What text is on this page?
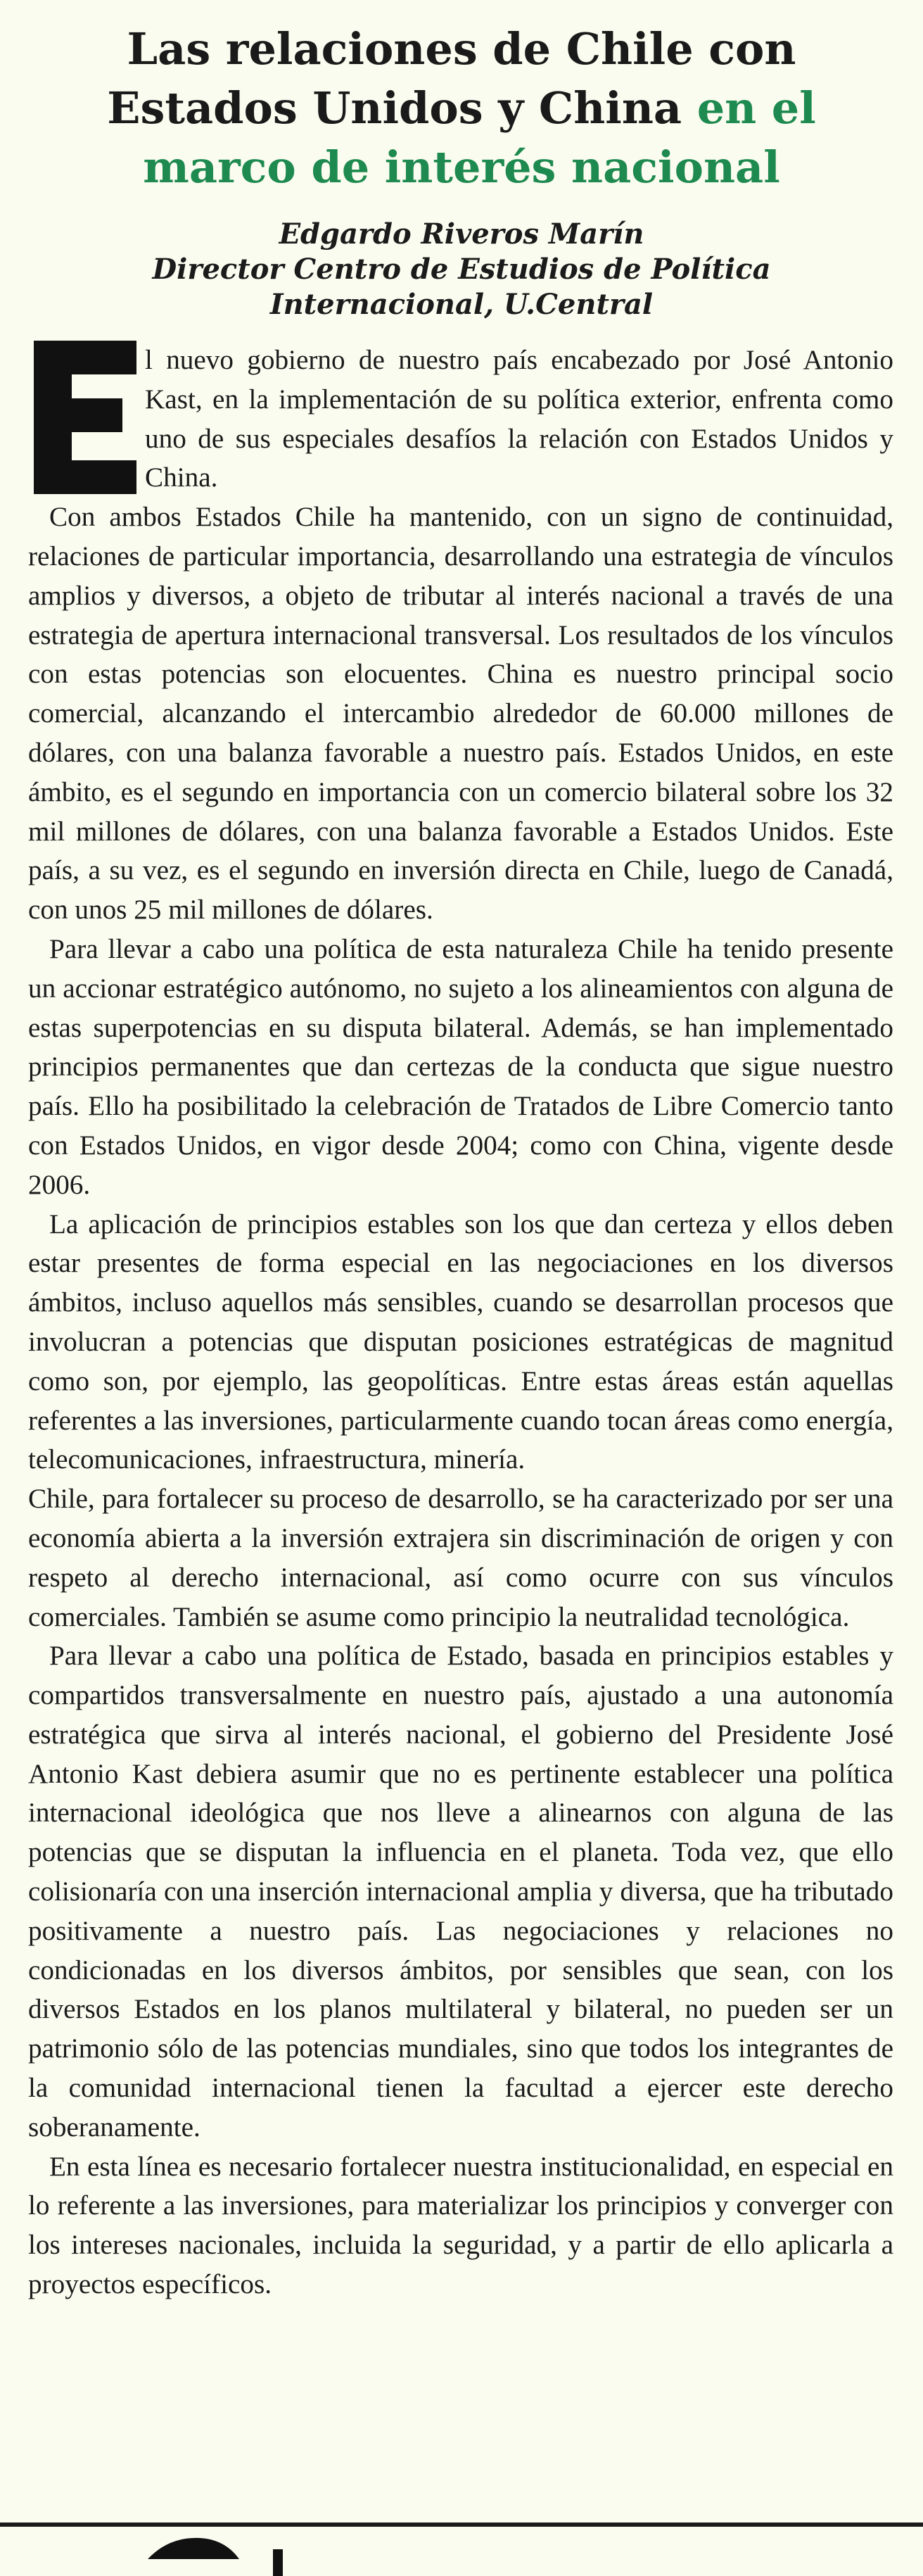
Las relaciones de Chile con
Estados Unidos y China en el
marco de interés nacional
Edgardo Riveros Marín
Director Centro de Estudios de Política
Internacional, U.Central

l nuevo gobierno de nuestro país encabezado por José Antonio Kast, en la implementación de su política exterior, enfrenta como uno de sus especiales desafíos la relación con Estados Unidos y China.

Con ambos Estados Chile ha mantenido, con un signo de continuidad, relaciones de particular importancia, desarrollando una estrategia de vínculos amplios y diversos, a objeto de tributar al interés nacional a través de una estrategia de apertura internacional transversal. Los resultados de los vínculos con estas potencias son elocuentes. China es nuestro principal socio comercial, alcanzando el intercambio alrededor de 60.000 millones de dólares, con una balanza favorable a nuestro país. Estados Unidos, en este ámbito, es el segundo en importancia con un comercio bilateral sobre los 32 mil millones de dólares, con una balanza favorable a Estados Unidos. Este país, a su vez, es el segundo en inversión directa en Chile, luego de Canadá, con unos 25 mil millones de dólares.

Para llevar a cabo una política de esta naturaleza Chile ha tenido presente un accionar estratégico autónomo, no sujeto a los alineamientos con alguna de estas superpotencias en su disputa bilateral. Además, se han implementado principios permanentes que dan certezas de la conducta que sigue nuestro país. Ello ha posibilitado la celebración de Tratados de Libre Comercio tanto con Estados Unidos, en vigor desde 2004; como con China, vigente desde 2006.

La aplicación de principios estables son los que dan certeza y ellos deben estar presentes de forma especial en las negociaciones en los diversos ámbitos, incluso aquellos más sensibles, cuando se desarrollan procesos que involucran a potencias que disputan posiciones estratégicas de magnitud como son, por ejemplo, las geopolíticas. Entre estas áreas están aquellas referentes a las inversiones, particularmente cuando tocan áreas como energía, telecomunicaciones, infraestructura, minería.

Chile, para fortalecer su proceso de desarrollo, se ha caracterizado por ser una economía abierta a la inversión extrajera sin discriminación de origen y con respeto al derecho internacional, así como ocurre con sus vínculos comerciales. También se asume como principio la neutralidad tecnológica.

Para llevar a cabo una política de Estado, basada en principios estables y compartidos transversalmente en nuestro país, ajustado a una autonomía estratégica que sirva al interés nacional, el gobierno del Presidente José Antonio Kast debiera asumir que no es pertinente establecer una política internacional ideológica que nos lleve a alinearnos con alguna de las potencias que se disputan la influencia en el planeta. Toda vez, que ello colisionaría con una inserción internacional amplia y diversa, que ha tributado positivamente a nuestro país. Las negociaciones y relaciones no condicionadas en los diversos ámbitos, por sensibles que sean, con los diversos Estados en los planos multilateral y bilateral, no pueden ser un patrimonio sólo de las potencias mundiales, sino que todos los integrantes de la comunidad internacional tienen la facultad a ejercer este derecho soberanamente.

En esta línea es necesario fortalecer nuestra institucionalidad, en especial en lo referente a las inversiones, para materializar los principios y converger con los intereses nacionales, incluida la seguridad, y a partir de ello aplicarla a proyectos específicos.
